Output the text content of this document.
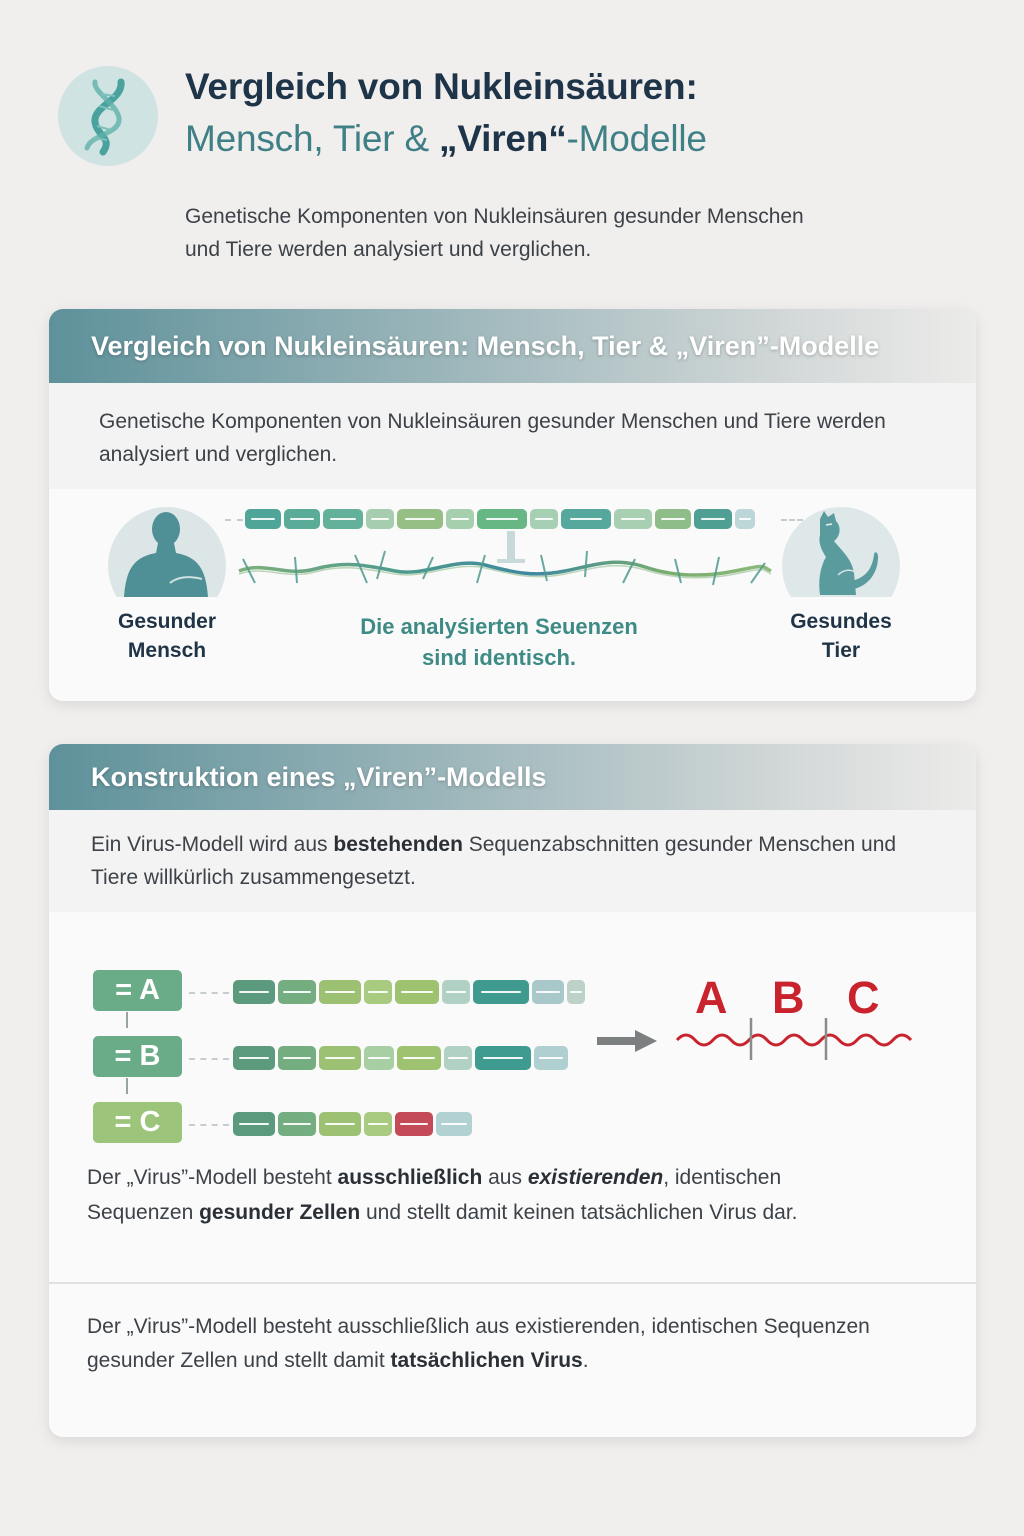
Vergleich von Nukleinsäuren:
Mensch, Tier & „Viren“-Modelle
Genetische Komponenten von Nukleinsäuren gesunder Menschen und Tiere werden analysiert und verglichen.
Vergleich von Nukleinsäuren: Mensch, Tier & „Viren”-Modelle
Genetische Komponenten von Nukleinsäuren gesunder Menschen und Tiere werden analysiert und verglichen.
Gesunder
Mensch
Gesundes
Tier
Die analyśierten Seuenzen
sind identisch.
Konstruktion eines „Viren”-Modells
Ein Virus-Modell wird aus bestehenden Sequenzabschnitten gesunder Menschen und Tiere willkürlich zusammengesetzt.
= A
= B
= C
A B C
Der „Virus”-Modell besteht ausschließlich aus existierenden, identischen Sequenzen gesunder Zellen und stellt damit keinen tatsächlichen Virus dar.
Der „Virus”-Modell besteht ausschließlich aus existierenden, identischen Sequenzen gesunder Zellen und stellt damit tatsächlichen Virus.
